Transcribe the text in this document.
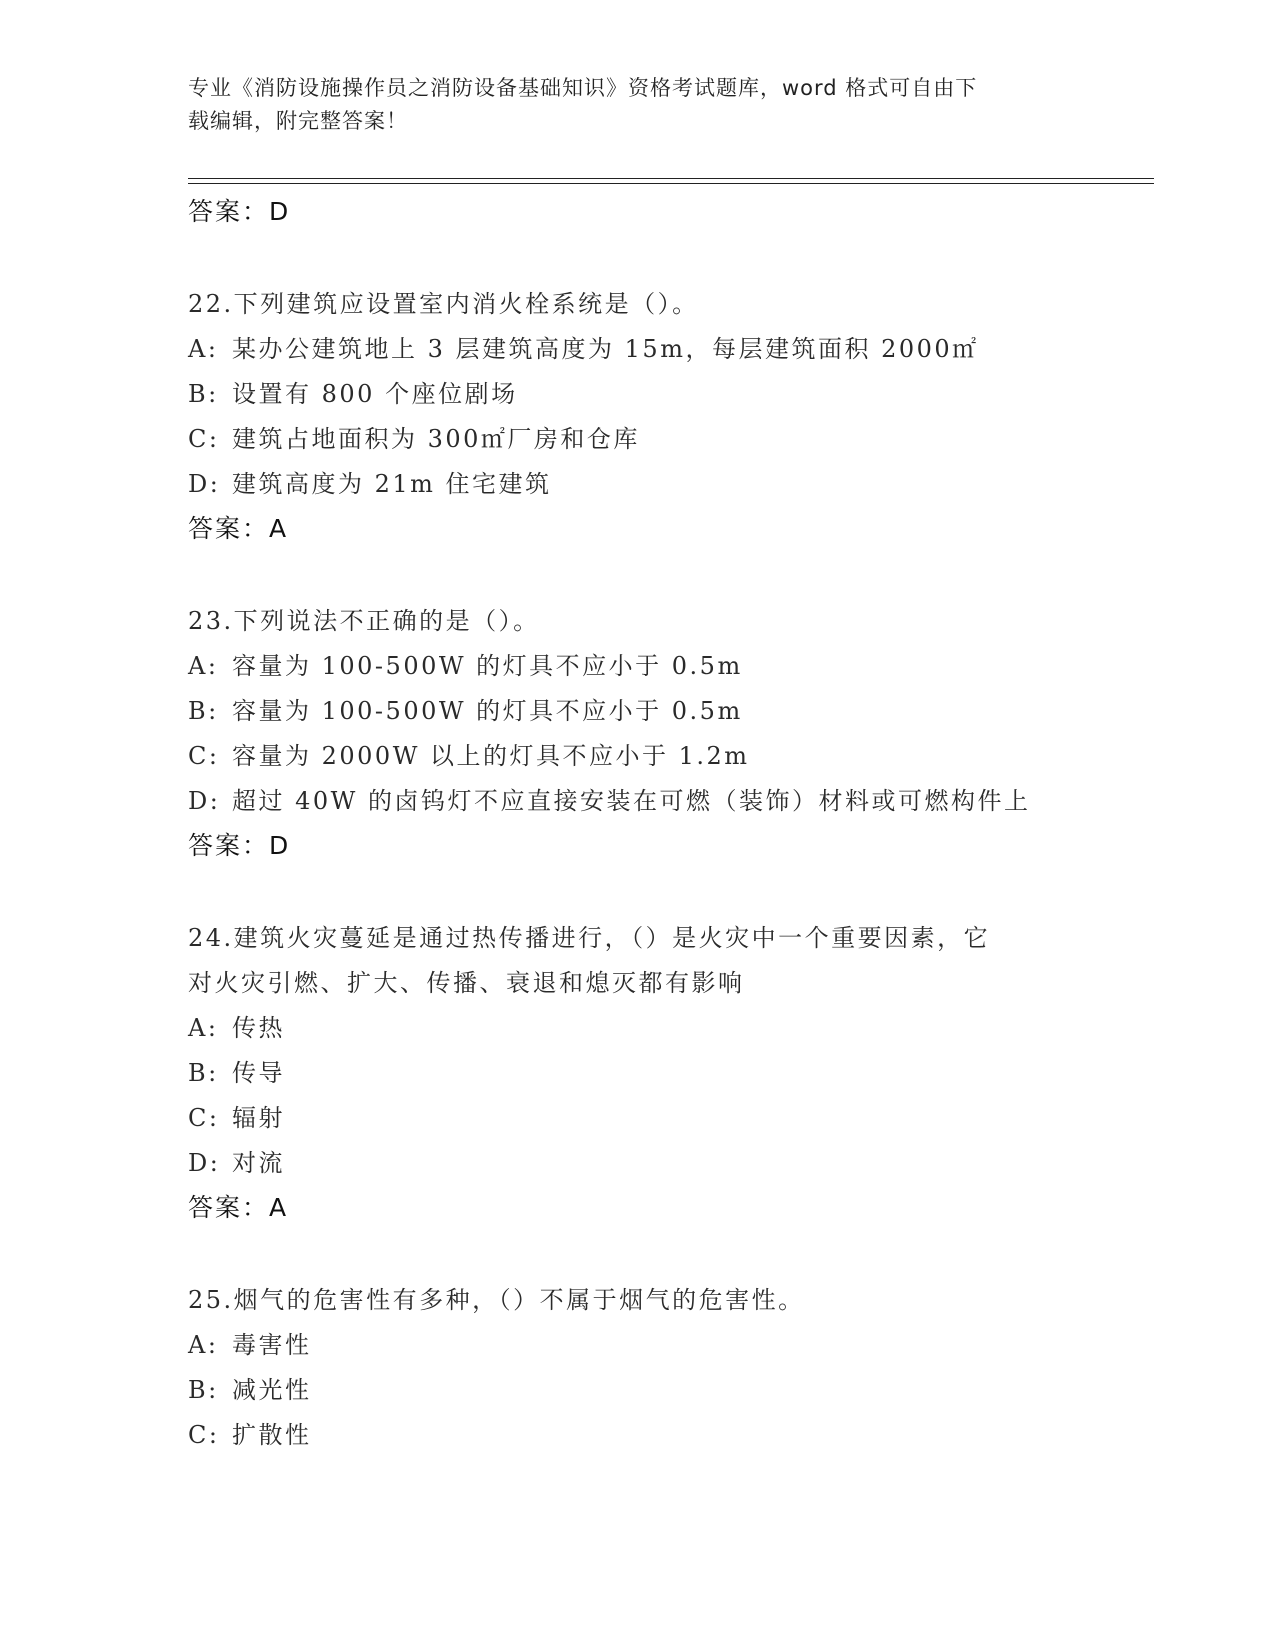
专业《消防设施操作员之消防设备基础知识》资格考试题库，word 格式可自由下
载编辑，附完整答案！
答案：D
22.下列建筑应设置室内消火栓系统是（）。
A: 某办公建筑地上 3 层建筑高度为 15m，每层建筑面积 2000㎡
B: 设置有 800 个座位剧场
C: 建筑占地面积为 300㎡厂房和仓库
D: 建筑高度为 21m 住宅建筑
答案：A
23.下列说法不正确的是（）。
A: 容量为 100-500W 的灯具不应小于 0.5m
B: 容量为 100-500W 的灯具不应小于 0.5m
C: 容量为 2000W 以上的灯具不应小于 1.2m
D: 超过 40W 的卤钨灯不应直接安装在可燃（装饰）材料或可燃构件上
答案：D
24.建筑火灾蔓延是通过热传播进行，（）是火灾中一个重要因素，它
对火灾引燃、扩大、传播、衰退和熄灭都有影响
A: 传热
B: 传导
C: 辐射
D: 对流
答案：A
25.烟气的危害性有多种，（）不属于烟气的危害性。
A: 毒害性
B: 减光性
C: 扩散性
